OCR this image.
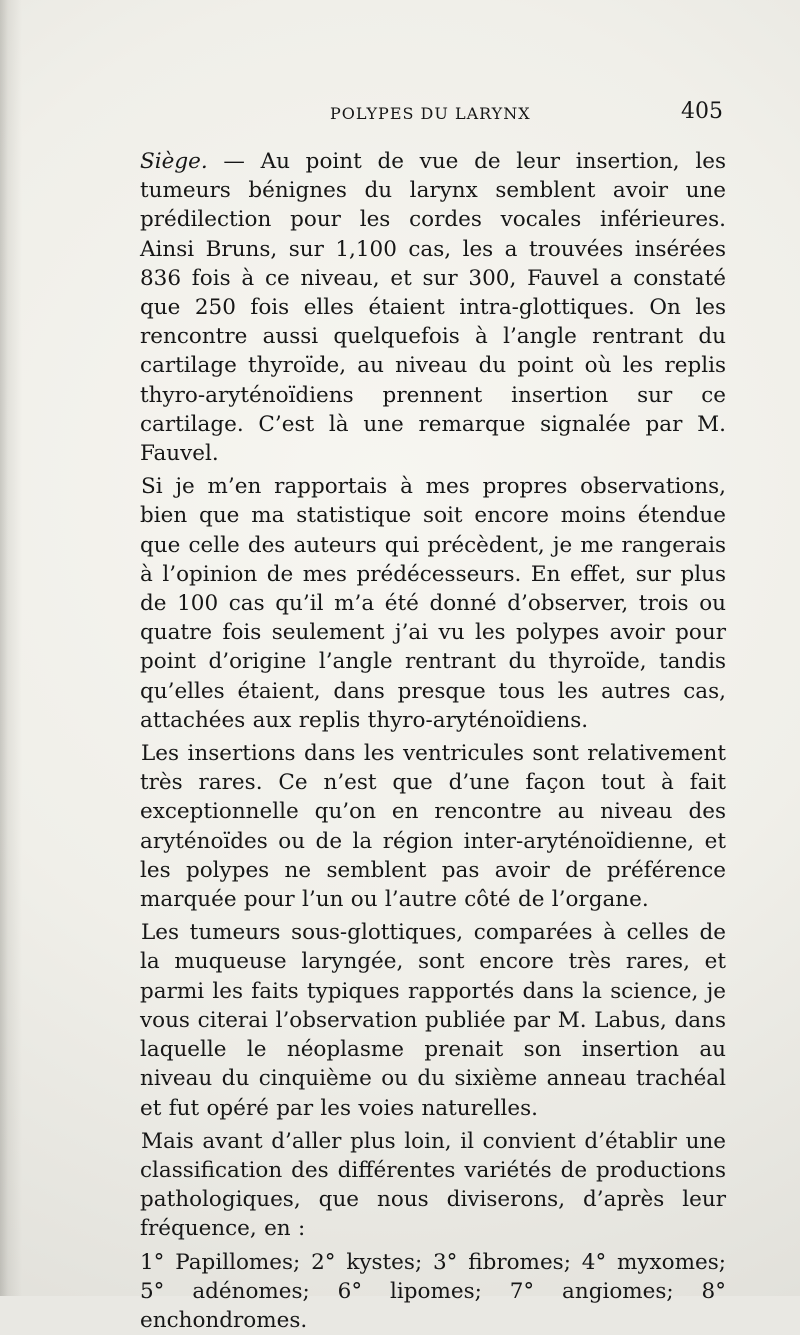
POLYPES DU LARYNX	405

Siège. — Au point de vue de leur insertion, les tumeurs bénignes du larynx semblent avoir une prédilection pour les cordes vocales inférieures. Ainsi Bruns, sur 1,100 cas, les a trouvées insérées 836 fois à ce niveau, et sur 300, Fauvel a constaté que 250 fois elles étaient intra-glottiques. On les rencontre aussi quelquefois à l’angle rentrant du cartilage thyroïde, au niveau du point où les replis thyro-aryténoïdiens prennent insertion sur ce cartilage. C’est là une remarque signalée par M. Fauvel.

Si je m’en rapportais à mes propres observations, bien que ma statistique soit encore moins étendue que celle des auteurs qui précèdent, je me rangerais à l’opinion de mes prédécesseurs. En effet, sur plus de 100 cas qu’il m’a été donné d’observer, trois ou quatre fois seulement j’ai vu les polypes avoir pour point d’origine l’angle rentrant du thyroïde, tandis qu’elles étaient, dans presque tous les autres cas, attachées aux replis thyro-aryténoïdiens.

Les insertions dans les ventricules sont relativement très rares. Ce n’est que d’une façon tout à fait exceptionnelle qu’on en rencontre au niveau des aryténoïdes ou de la région inter-aryténoïdienne, et les polypes ne semblent pas avoir de préférence marquée pour l’un ou l’autre côté de l’organe.

Les tumeurs sous-glottiques, comparées à celles de la muqueuse laryngée, sont encore très rares, et parmi les faits typiques rapportés dans la science, je vous citerai l’observation publiée par M. Labus, dans laquelle le néoplasme prenait son insertion au niveau du cinquième ou du sixième anneau trachéal et fut opéré par les voies naturelles.

Mais avant d’aller plus loin, il convient d’établir une classification des différentes variétés de productions pathologiques, que nous diviserons, d’après leur fréquence, en :

1° Papillomes; 2° kystes; 3° fibromes; 4° myxomes; 5° adénomes; 6° lipomes; 7° angiomes; 8° enchondromes.
